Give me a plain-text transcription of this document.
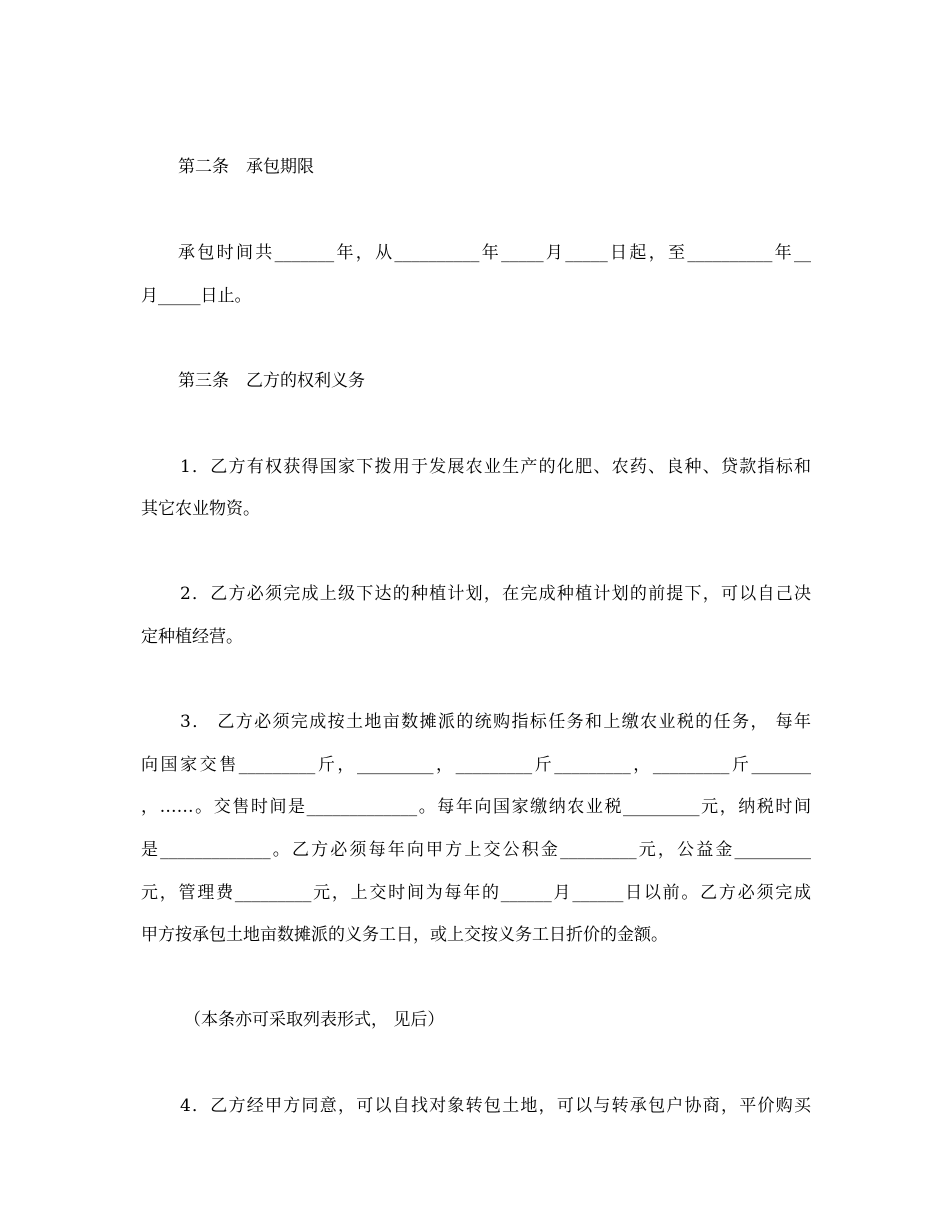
第二条　承包期限
承包时间共_______年，从__________年_____月_____日起，至__________年__
月_____日止。
第三条　乙方的权利义务
1．乙方有权获得国家下拨用于发展农业生产的化肥、农药、良种、贷款指标和
其它农业物资。
2．乙方必须完成上级下达的种植计划，在完成种植计划的前提下，可以自己决
定种植经营。
3． 乙方必须完成按土地亩数摊派的统购指标任务和上缴农业税的任务， 每年
向国家交售_________斤，_________，_________斤_________，_________斤_______
，……。交售时间是_____________。每年向国家缴纳农业税_________元，纳税时间
是_____________。乙方必须每年向甲方上交公积金_________元，公益金_________
元，管理费_________元，上交时间为每年的______月______日以前。乙方必须完成
甲方按承包土地亩数摊派的义务工日，或上交按义务工日折价的金额。
（本条亦可采取列表形式， 见后）
4．乙方经甲方同意，可以自找对象转包土地，可以与转承包户协商，平价购买
